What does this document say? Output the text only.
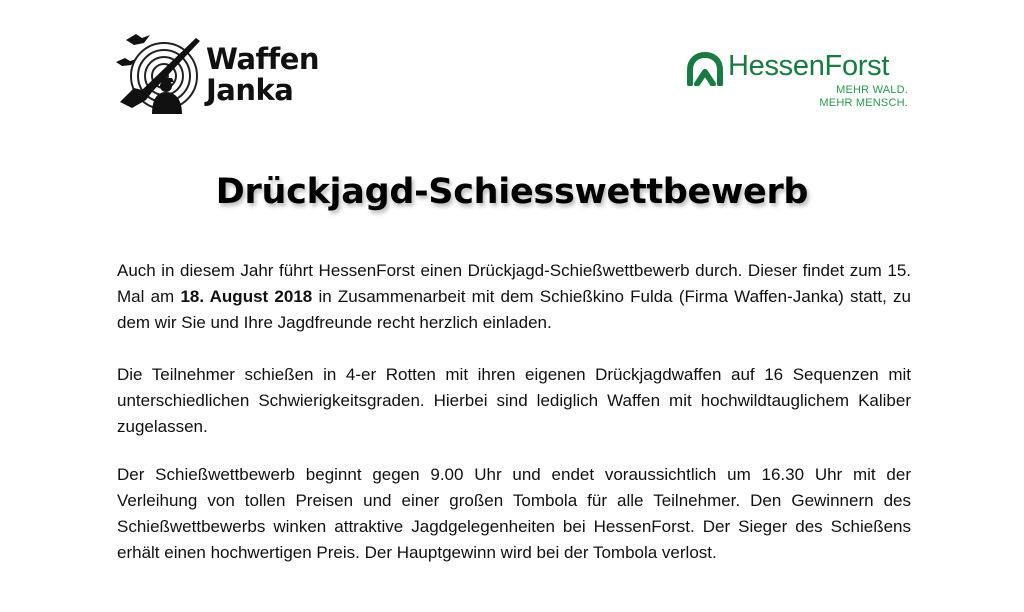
Waffen
Janka
HessenForst
MEHR WALD.
MEHR MENSCH.
Drückjagd-Schiesswettbewerb

Auch in diesem Jahr führt HessenForst einen Drückjagd-Schießwettbewerb durch. Dieser findet zum 15. Mal am 18. August 2018 in Zusammenarbeit mit dem Schießkino Fulda (Firma Waffen-Janka) statt, zu dem wir Sie und Ihre Jagdfreunde recht herzlich einladen.

Die Teilnehmer schießen in 4-er Rotten mit ihren eigenen Drückjagdwaffen auf 16 Sequenzen mit unterschiedlichen Schwierigkeitsgraden. Hierbei sind lediglich Waffen mit hochwildtauglichem Kaliber zugelassen.

Der Schießwettbewerb beginnt gegen 9.00 Uhr und endet voraussichtlich um 16.30 Uhr mit der Verleihung von tollen Preisen und einer großen Tombola für alle Teilnehmer. Den Gewinnern des Schießwettbewerbs winken attraktive Jagdgelegenheiten bei HessenForst. Der Sieger des Schießens erhält einen hochwertigen Preis. Der Hauptgewinn wird bei der Tombola verlost.
